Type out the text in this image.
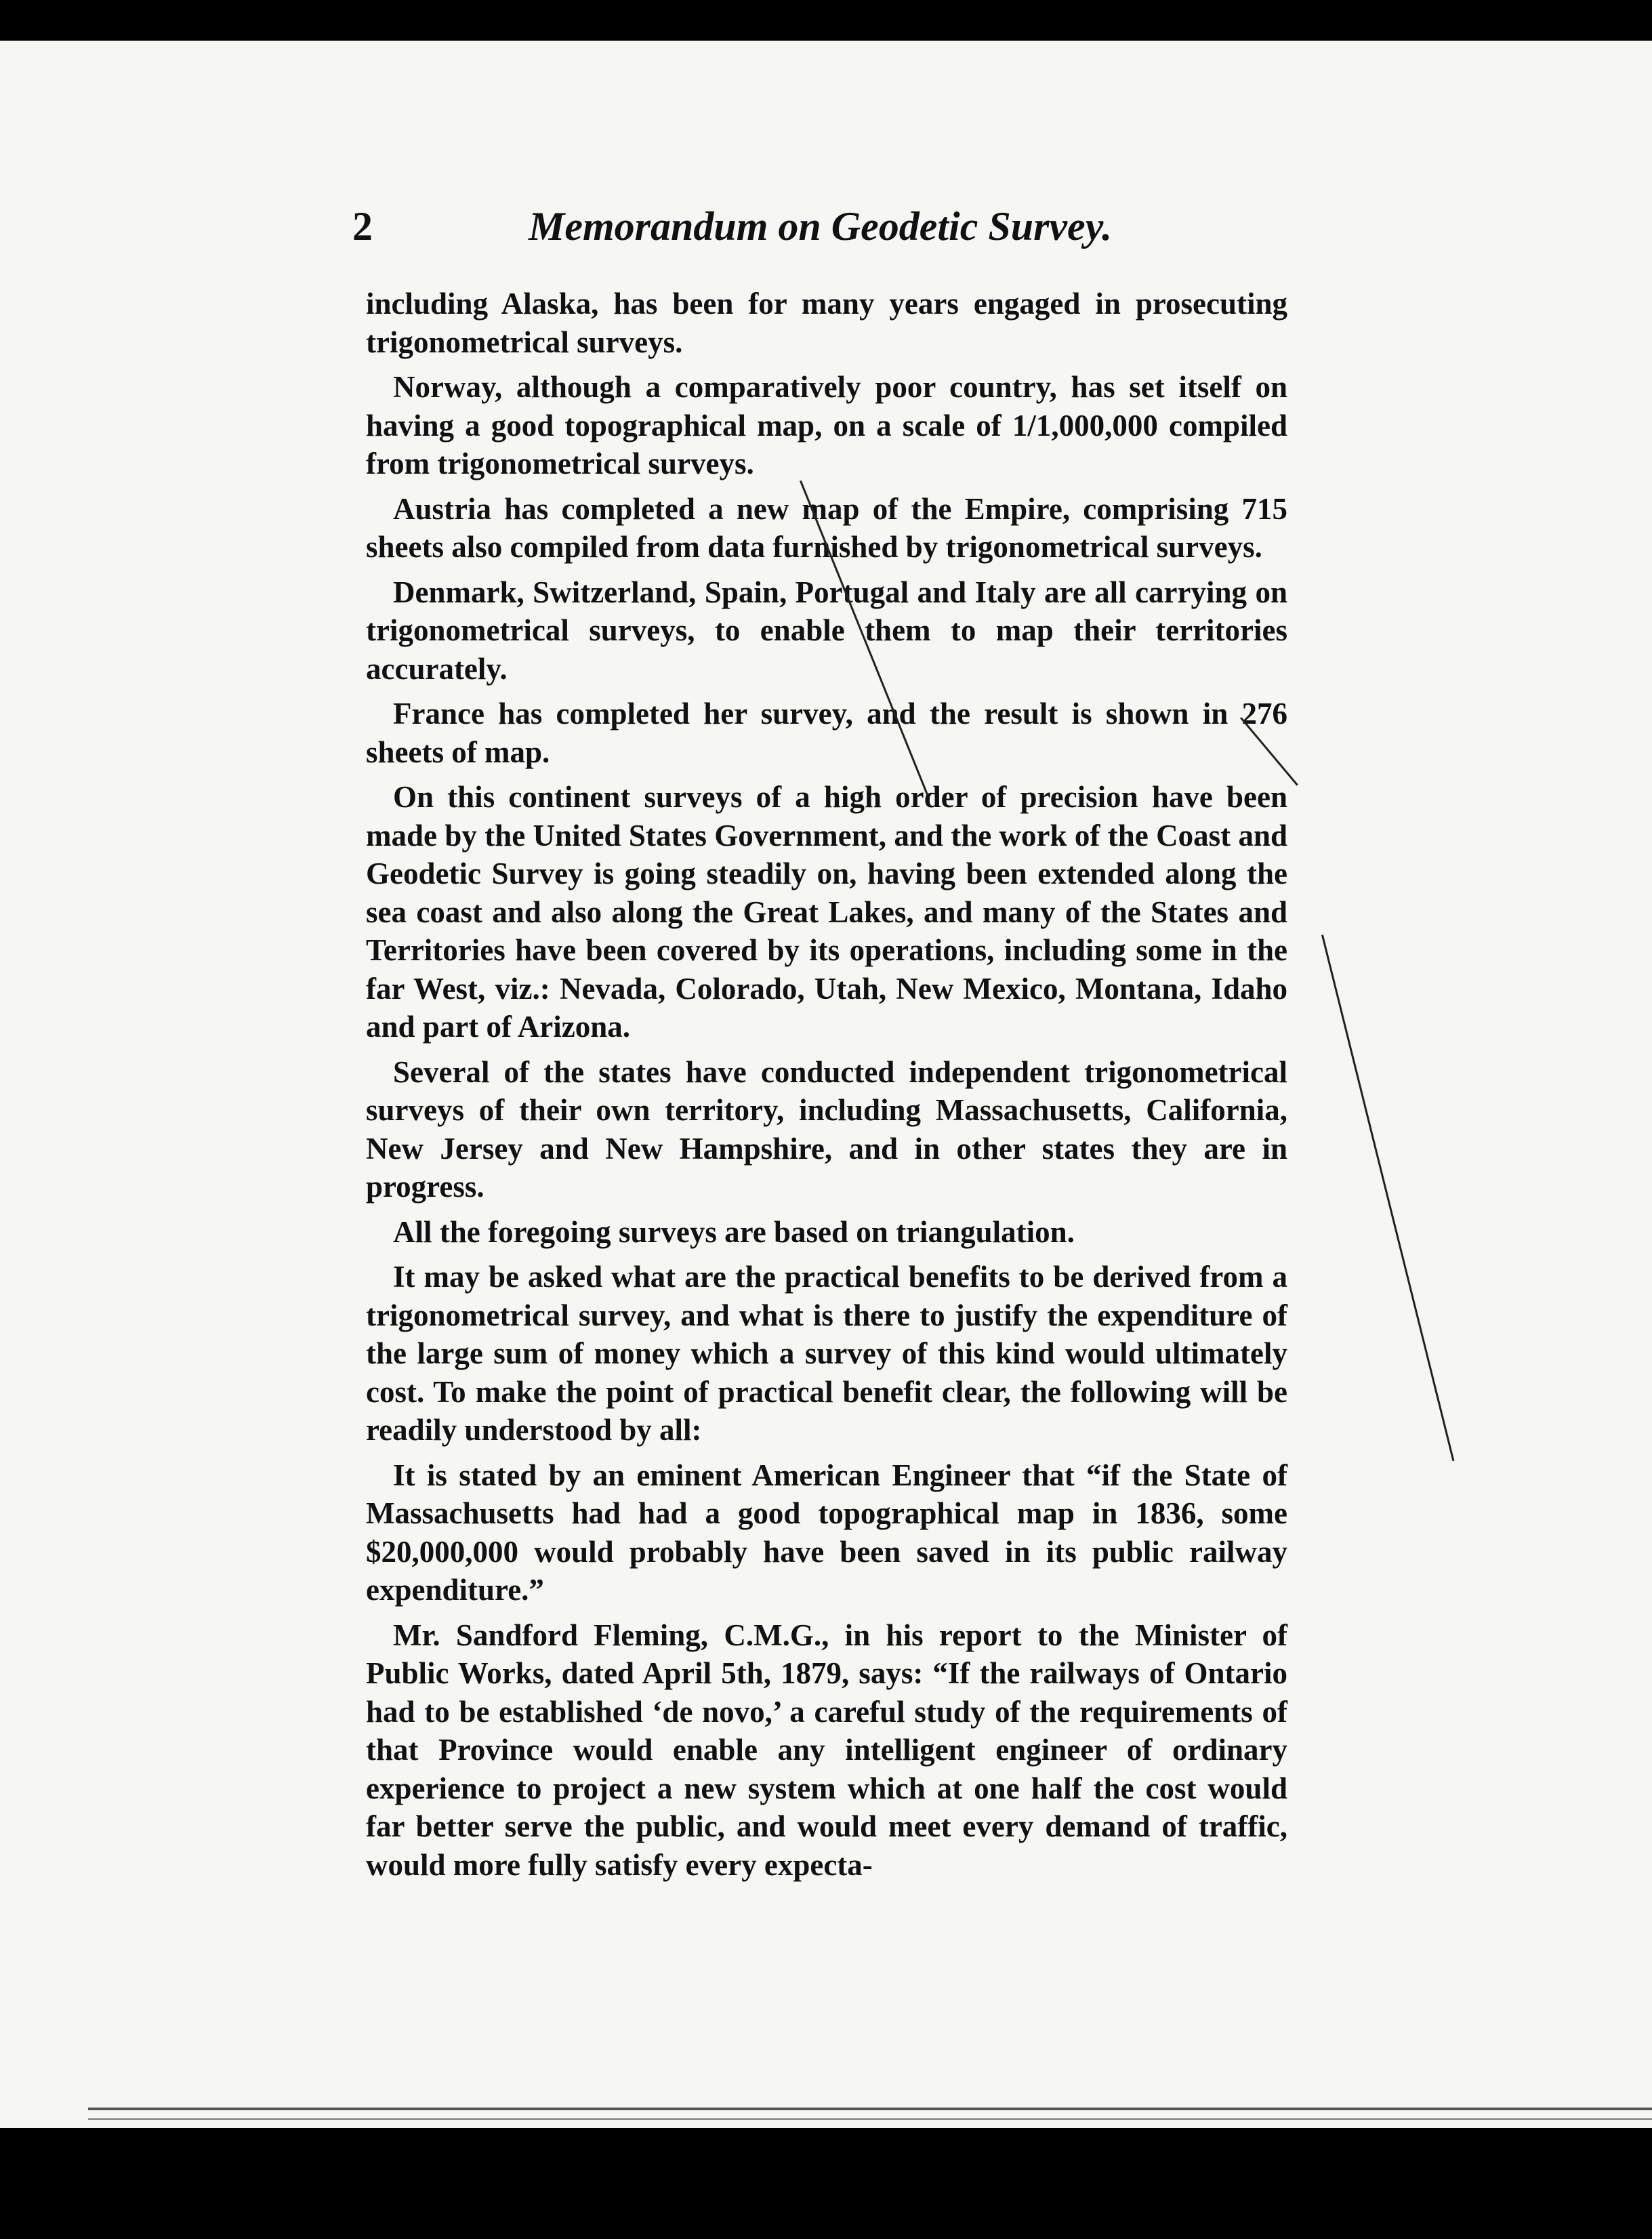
2	Memorandum on Geodetic Survey.

including Alaska, has been for many years engaged in prosecuting trigonometrical surveys.

Norway, although a comparatively poor country, has set itself on having a good topographical map, on a scale of 1/1,000,000 compiled from trigonometrical surveys.

Austria has completed a new map of the Empire, comprising 715 sheets also compiled from data furnished by trigonometrical surveys.

Denmark, Switzerland, Spain, Portugal and Italy are all carrying on trigonometrical surveys, to enable them to map their territories accurately.

France has completed her survey, and the result is shown in 276 sheets of map.

On this continent surveys of a high order of precision have been made by the United States Government, and the work of the Coast and Geodetic Survey is going steadily on, having been extended along the sea coast and also along the Great Lakes, and many of the States and Territories have been covered by its operations, including some in the far West, viz.: Nevada, Colorado, Utah, New Mexico, Montana, Idaho and part of Arizona.

Several of the states have conducted independent trigonometrical surveys of their own territory, including Massachusetts, California, New Jersey and New Hampshire, and in other states they are in progress.

All the foregoing surveys are based on triangulation.

It may be asked what are the practical benefits to be derived from a trigonometrical survey, and what is there to justify the expenditure of the large sum of money which a survey of this kind would ultimately cost. To make the point of practical benefit clear, the following will be readily understood by all:

It is stated by an eminent American Engineer that “if the State of Massachusetts had had a good topographical map in 1836, some $20,000,000 would probably have been saved in its public railway expenditure.”

Mr. Sandford Fleming, C.M.G., in his report to the Minister of Public Works, dated April 5th, 1879, says: “If the railways of Ontario had to be established ‘de novo,’ a careful study of the requirements of that Province would enable any intelligent engineer of ordinary experience to project a new system which at one half the cost would far better serve the public, and would meet every demand of traffic, would more fully satisfy every expecta-
